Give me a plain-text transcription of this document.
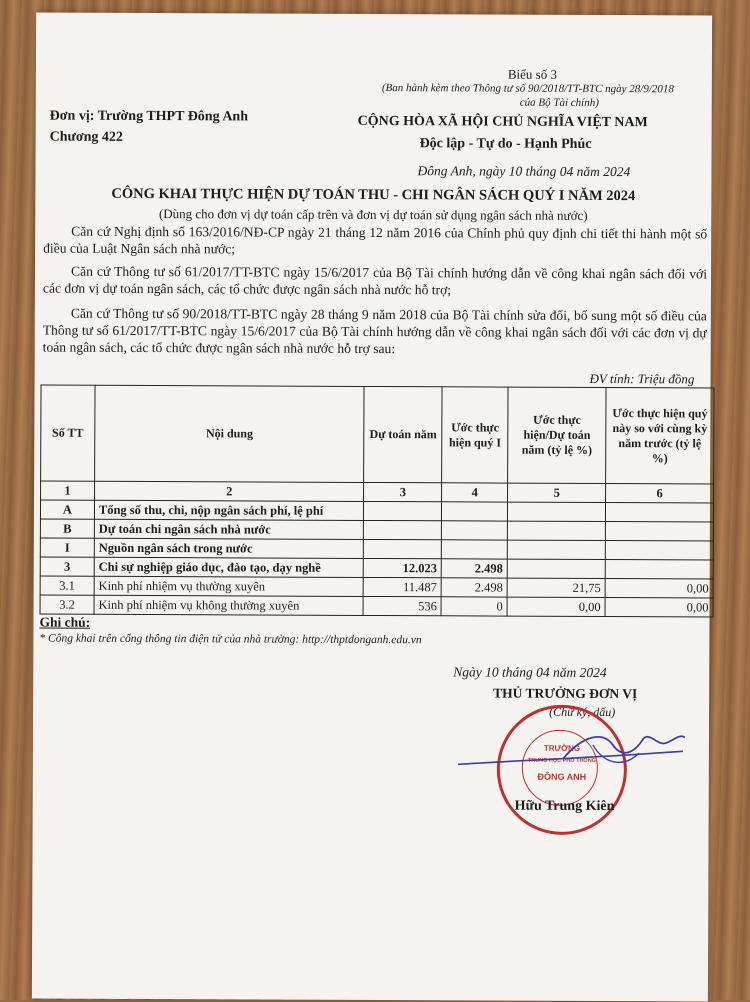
Biểu số 3
(Ban hành kèm theo Thông tư số 90/2018/TT-BTC ngày 28/9/2018
của Bộ Tài chính)
Đơn vị: Trường THPT Đông Anh
Chương 422
CỘNG HÒA XÃ HỘI CHỦ NGHĨA VIỆT NAM
Độc lập - Tự do - Hạnh Phúc
Đông Anh, ngày 10 tháng 04 năm 2024
CÔNG KHAI THỰC HIỆN DỰ TOÁN THU - CHI NGÂN SÁCH QUÝ I NĂM 2024
(Dùng cho đơn vị dự toán cấp trên và đơn vị dự toán sử dụng ngân sách nhà nước)
Căn cứ Nghị định số 163/2016/NĐ-CP ngày 21 tháng 12 năm 2016 của Chính phủ quy định chi tiết thi hành một số điều của Luật Ngân sách nhà nước;
Căn cứ Thông tư số 61/2017/TT-BTC ngày 15/6/2017 của Bộ Tài chính hướng dẫn về công khai ngân sách đối với các đơn vị dự toán ngân sách, các tổ chức được ngân sách nhà nước hỗ trợ;
Căn cứ Thông tư số 90/2018/TT-BTC ngày 28 tháng 9 năm 2018 của Bộ Tài chính sửa đổi, bổ sung một số điều của Thông tư số 61/2017/TT-BTC ngày 15/6/2017 của Bộ Tài chính hướng dẫn về công khai ngân sách đối với các đơn vị dự toán ngân sách, các tổ chức được ngân sách nhà nước hỗ trợ sau:
ĐV tính: Triệu đồng
Số TT	Nội dung	Dự toán năm	Ước thực hiện quý I	Ước thực hiện/Dự toán năm (tỷ lệ %)	Ước thực hiện quý này so với cùng kỳ năm trước (tỷ lệ %)
1	2	3	4	5	6
A	Tổng số thu, chi, nộp ngân sách phí, lệ phí				
B	Dự toán chi ngân sách nhà nước				
I	Nguồn ngân sách trong nước				
3	Chi sự nghiệp giáo dục, đào tạo, dạy nghề	12.023	2.498		
3.1	Kinh phí nhiệm vụ thường xuyên	11.487	2.498	21,75	0,00
3.2	Kinh phí nhiệm vụ không thường xuyên	536	0	0,00	0,00
Ghi chú:
* Công khai trên cổng thông tin điện tử của nhà trường: http://thptdonganh.edu.vn
Ngày 10 tháng 04 năm 2024
THỦ TRƯỞNG ĐƠN VỊ
(Chữ ký, dấu)
TRƯỜNG
TRUNG HỌC PHỔ THÔNG
ĐÔNG ANH
Hữu Trung Kiên
